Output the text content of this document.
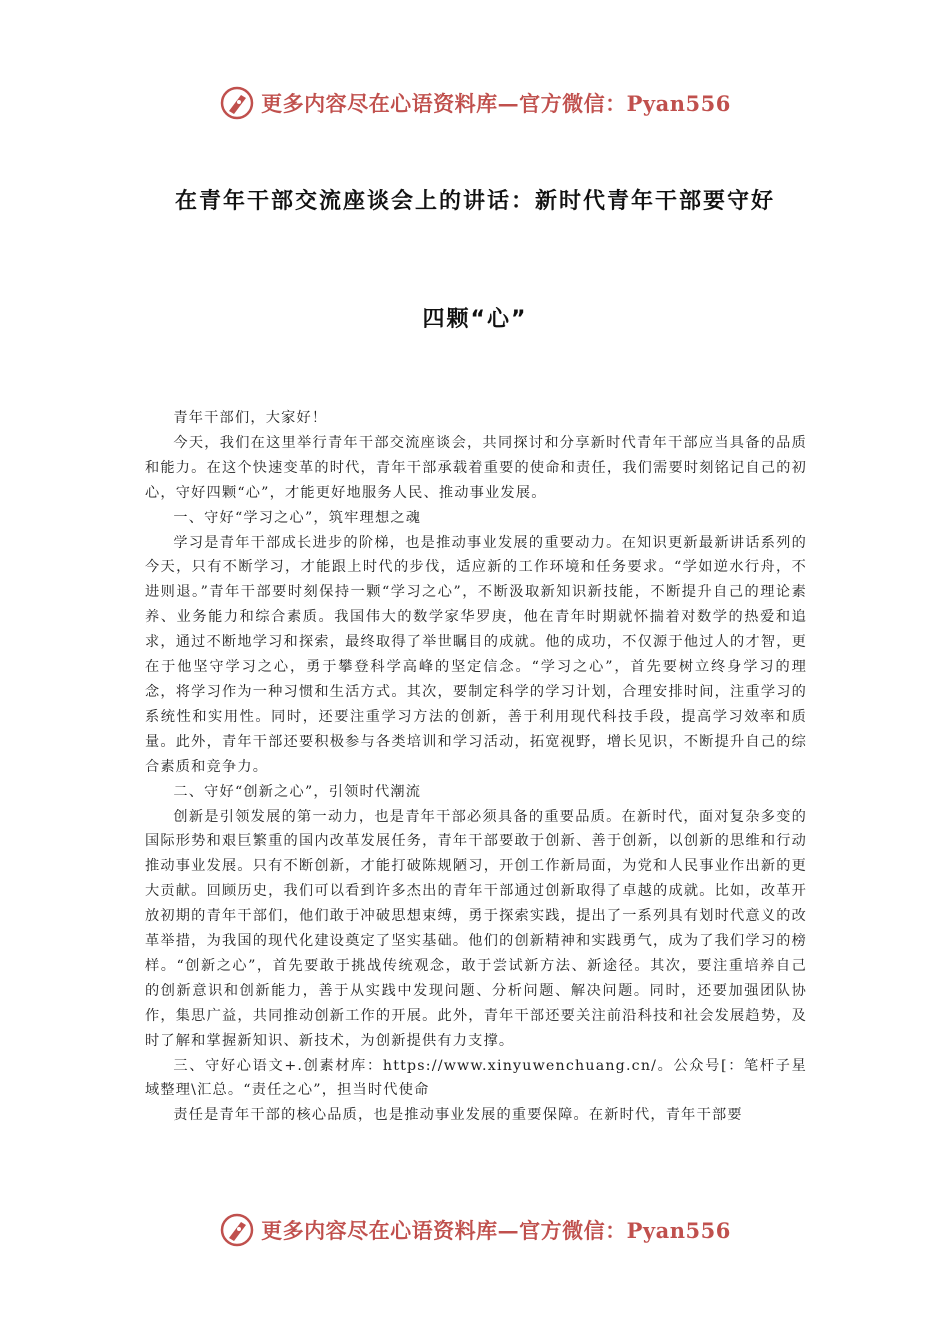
更多内容尽在心语资料库—官方微信：Pyan556
在青年干部交流座谈会上的讲话：新时代青年干部要守好
四颗“心”

青年干部们，大家好！

今天，我们在这里举行青年干部交流座谈会，共同探讨和分享新时代青年干部应当具备的品质和能力。在这个快速变革的时代，青年干部承载着重要的使命和责任，我们需要时刻铭记自己的初心，守好四颗“心”，才能更好地服务人民、推动事业发展。

一、守好“学习之心”，筑牢理想之魂

学习是青年干部成长进步的阶梯，也是推动事业发展的重要动力。在知识更新最新讲话系列的今天，只有不断学习，才能跟上时代的步伐，适应新的工作环境和任务要求。“学如逆水行舟，不进则退。”青年干部要时刻保持一颗“学习之心”，不断汲取新知识新技能，不断提升自己的理论素养、业务能力和综合素质。我国伟大的数学家华罗庚，他在青年时期就怀揣着对数学的热爱和追求，通过不断地学习和探索，最终取得了举世瞩目的成就。他的成功，不仅源于他过人的才智，更在于他坚守学习之心，勇于攀登科学高峰的坚定信念。“学习之心”，首先要树立终身学习的理念，将学习作为一种习惯和生活方式。其次，要制定科学的学习计划，合理安排时间，注重学习的系统性和实用性。同时，还要注重学习方法的创新，善于利用现代科技手段，提高学习效率和质量。此外，青年干部还要积极参与各类培训和学习活动，拓宽视野，增长见识，不断提升自己的综合素质和竞争力。

二、守好“创新之心”，引领时代潮流

创新是引领发展的第一动力，也是青年干部必须具备的重要品质。在新时代，面对复杂多变的国际形势和艰巨繁重的国内改革发展任务，青年干部要敢于创新、善于创新，以创新的思维和行动推动事业发展。只有不断创新，才能打破陈规陋习，开创工作新局面，为党和人民事业作出新的更大贡献。回顾历史，我们可以看到许多杰出的青年干部通过创新取得了卓越的成就。比如，改革开放初期的青年干部们，他们敢于冲破思想束缚，勇于探索实践，提出了一系列具有划时代意义的改革举措，为我国的现代化建设奠定了坚实基础。他们的创新精神和实践勇气，成为了我们学习的榜样。“创新之心”，首先要敢于挑战传统观念，敢于尝试新方法、新途径。其次，要注重培养自己的创新意识和创新能力，善于从实践中发现问题、分析问题、解决问题。同时，还要加强团队协作，集思广益，共同推动创新工作的开展。此外，青年干部还要关注前沿科技和社会发展趋势，及时了解和掌握新知识、新技术，为创新提供有力支撑。

三、守好心语文+.创素材库：https://www.xinyuwenchuang.cn/。公众号[：笔杆子星域整理\汇总。“责任之心”，担当时代使命

责任是青年干部的核心品质，也是推动事业发展的重要保障。在新时代，青年干部要

更多内容尽在心语资料库—官方微信：Pyan556
